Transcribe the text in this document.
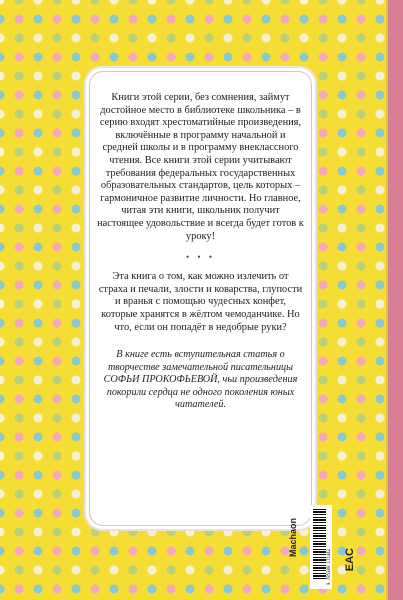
Книги этой серии, без сомнения, займут достойное место в библиотеке школьника – в серию входят хрестоматийные произведения, включённые в программу начальной и средней школы и в программу внеклассного чтения. Все книги этой серии учитывают требования федеральных государственных образовательных стандартов, цель которых – гармоничное развитие личности. Но главное, читая эти книги, школьник получит настоящее удовольствие и всегда будет готов к уроку!

• • •

Эта книга о том, как можно излечить от страха и печали, злости и коварства, глупости и вранья с помощью чудесных конфет, которые хранятся в жёлтом чемоданчике. Но что, если он попадёт в недобрые руки?

В книге есть вступительная статья о творчестве замечательной писательницы СОФЬИ ПРОКОФЬЕВОЙ, чьи произведения покорили сердца не одного поколения юных читателей.

Machaon
9 785389 171442 EAC
